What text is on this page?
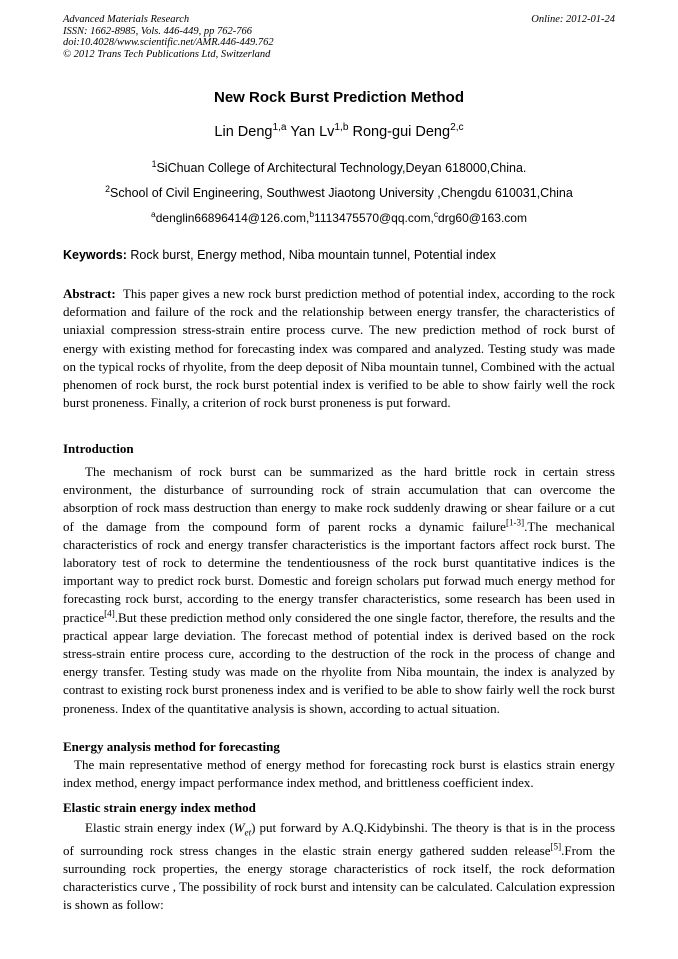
Advanced Materials Research
ISSN: 1662-8985, Vols. 446-449, pp 762-766
doi:10.4028/www.scientific.net/AMR.446-449.762
© 2012 Trans Tech Publications Ltd, Switzerland
Online: 2012-01-24
New Rock Burst Prediction Method
Lin Deng$^{1,a}$ Yan Lv$^{1,b}$ Rong-gui Deng$^{2,c}$
$^1$SiChuan College of Architectural Technology,Deyan 618000,China.
$^2$School of Civil Engineering, Southwest Jiaotong University ,Chengdu 610031,China
$^a$denglin66896414@126.com,$^b$1113475570@qq.com,$^c$drg60@163.com
Keywords: Rock burst, Energy method, Niba mountain tunnel, Potential index

Abstract: This paper gives a new rock burst prediction method of potential index, according to the rock deformation and failure of the rock and the relationship between energy transfer, the characteristics of uniaxial compression stress-strain entire process curve. The new prediction method of rock burst of energy with existing method for forecasting index was compared and analyzed. Testing study was made on the typical rocks of rhyolite, from the deep deposit of Niba mountain tunnel, Combined with the actual phenomen of rock burst, the rock burst potential index is verified to be able to show fairly well the rock burst proneness. Finally, a criterion of rock burst proneness is put forward.

Introduction

The mechanism of rock burst can be summarized as the hard brittle rock in certain stress environment, the disturbance of surrounding rock of strain accumulation that can overcome the absorption of rock mass destruction than energy to make rock suddenly drawing or shear failure or a cut of the damage from the compound form of parent rocks a dynamic failure[1-3].The mechanical characteristics of rock and energy transfer characteristics is the important factors affect rock burst. The laboratory test of rock to determine the tendentiousness of the rock burst quantitative indices is the important way to predict rock burst. Domestic and foreign scholars put forwad much energy method for forecasting rock burst, according to the energy transfer characteristics, some research has been used in practice[4].But these prediction method only considered the one single factor, therefore, the results and the practical appear large deviation. The forecast method of potential index is derived based on the rock stress-strain entire process cure, according to the destruction of the rock in the process of change and energy transfer. Testing study was made on the rhyolite from Niba mountain, the index is analyzed by contrast to existing rock burst proneness index and is verified to be able to show fairly well the rock burst proneness. Index of the quantitative analysis is shown, according to actual situation.

Energy analysis method for forecasting

The main representative method of energy method for forecasting rock burst is elastics strain energy index method, energy impact performance index method, and brittleness coefficient index.

Elastic strain energy index method

Elastic strain energy index $(W_{et})$ put forward by A.Q.Kidybinshi. The theory is that is in the process of surrounding rock stress changes in the elastic strain energy gathered sudden release[5].From the surrounding rock properties, the energy storage characteristics of rock itself, the rock deformation characteristics curve , The possibility of rock burst and intensity can be calculated. Calculation expression is shown as follow:
